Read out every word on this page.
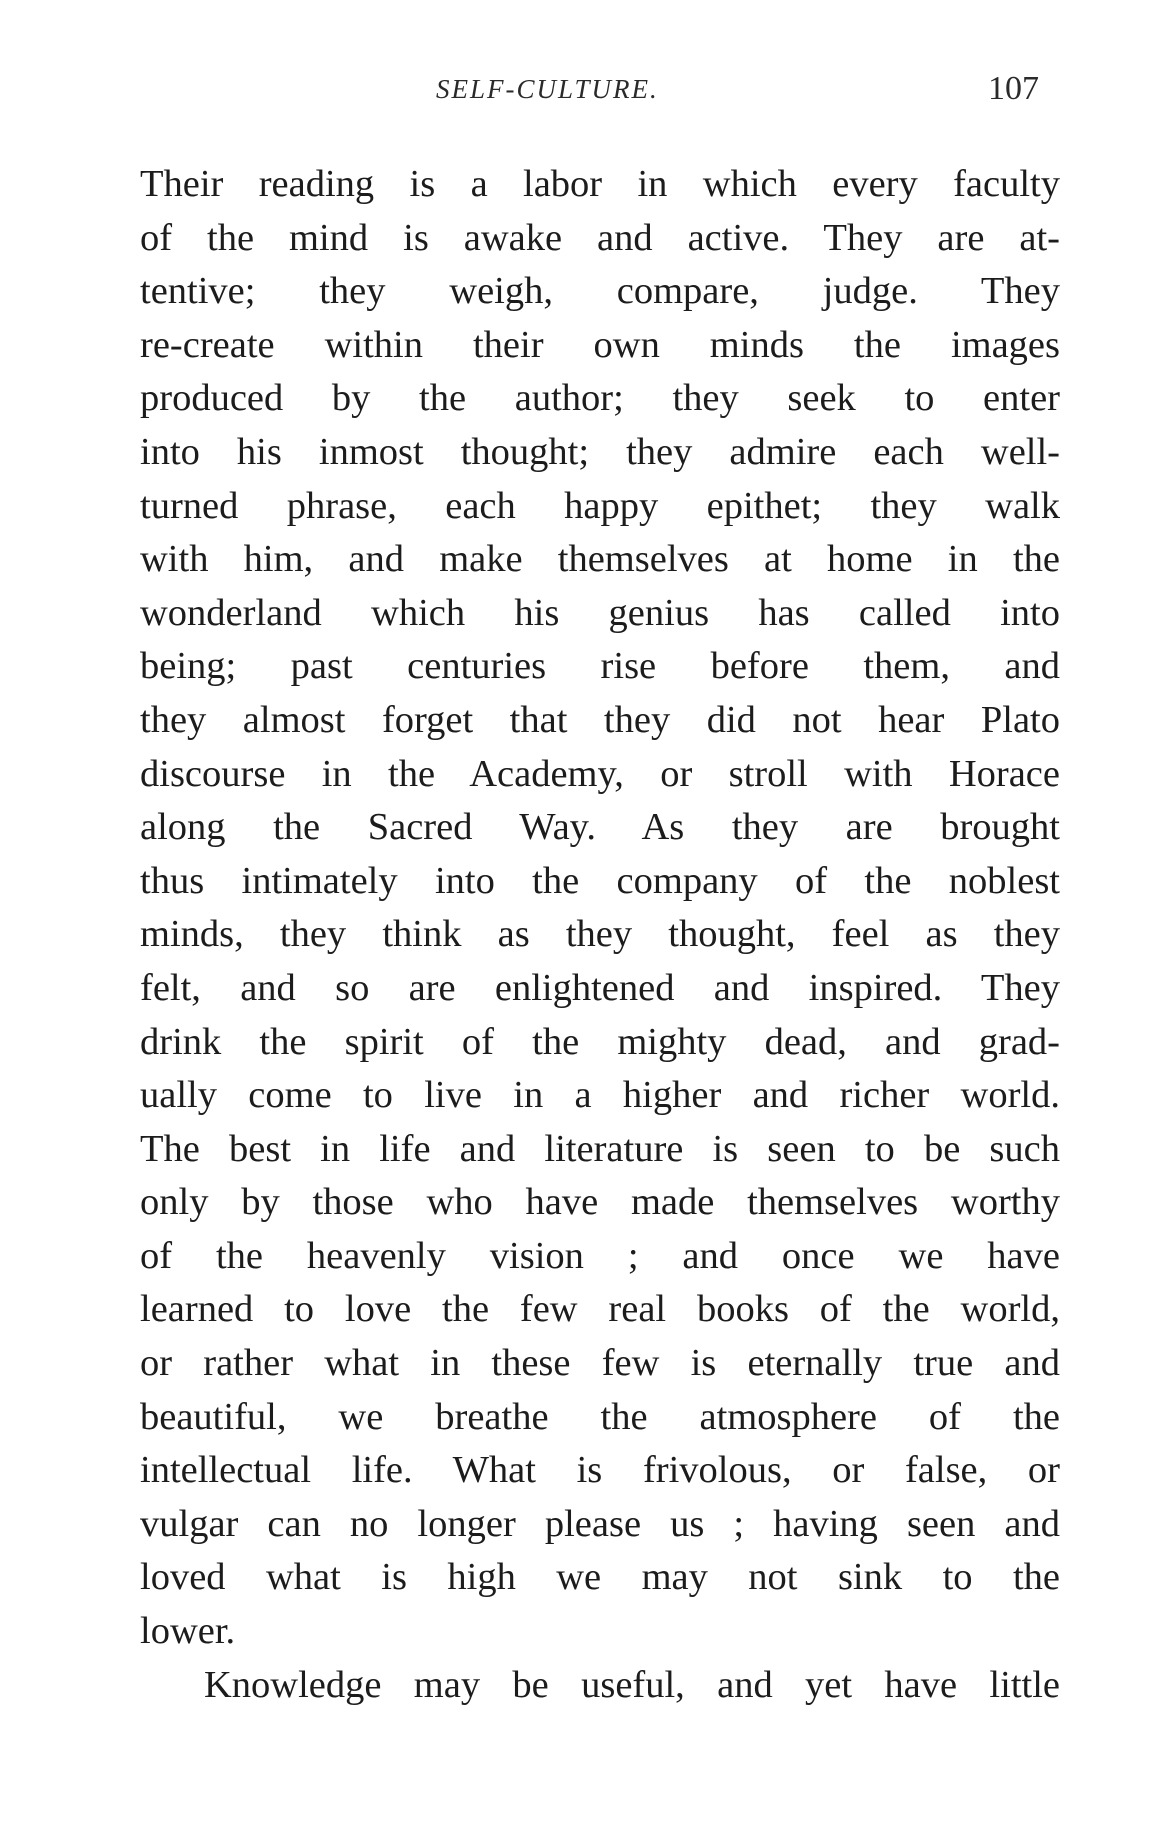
SELF-CULTURE.	107
Their reading is a labor in which every faculty
of the mind is awake and active. They are at-
tentive; they weigh, compare, judge. They
re-create within their own minds the images
produced by the author; they seek to enter
into his inmost thought; they admire each well-
turned phrase, each happy epithet; they walk
with him, and make themselves at home in the
wonderland which his genius has called into
being; past centuries rise before them, and
they almost forget that they did not hear Plato
discourse in the Academy, or stroll with Horace
along the Sacred Way. As they are brought
thus intimately into the company of the noblest
minds, they think as they thought, feel as they
felt, and so are enlightened and inspired. They
drink the spirit of the mighty dead, and grad-
ually come to live in a higher and richer world.
The best in life and literature is seen to be such
only by those who have made themselves worthy
of the heavenly vision ; and once we have
learned to love the few real books of the world,
or rather what in these few is eternally true and
beautiful, we breathe the atmosphere of the
intellectual life. What is frivolous, or false, or
vulgar can no longer please us ; having seen and
loved what is high we may not sink to the
lower.
Knowledge may be useful, and yet have little
